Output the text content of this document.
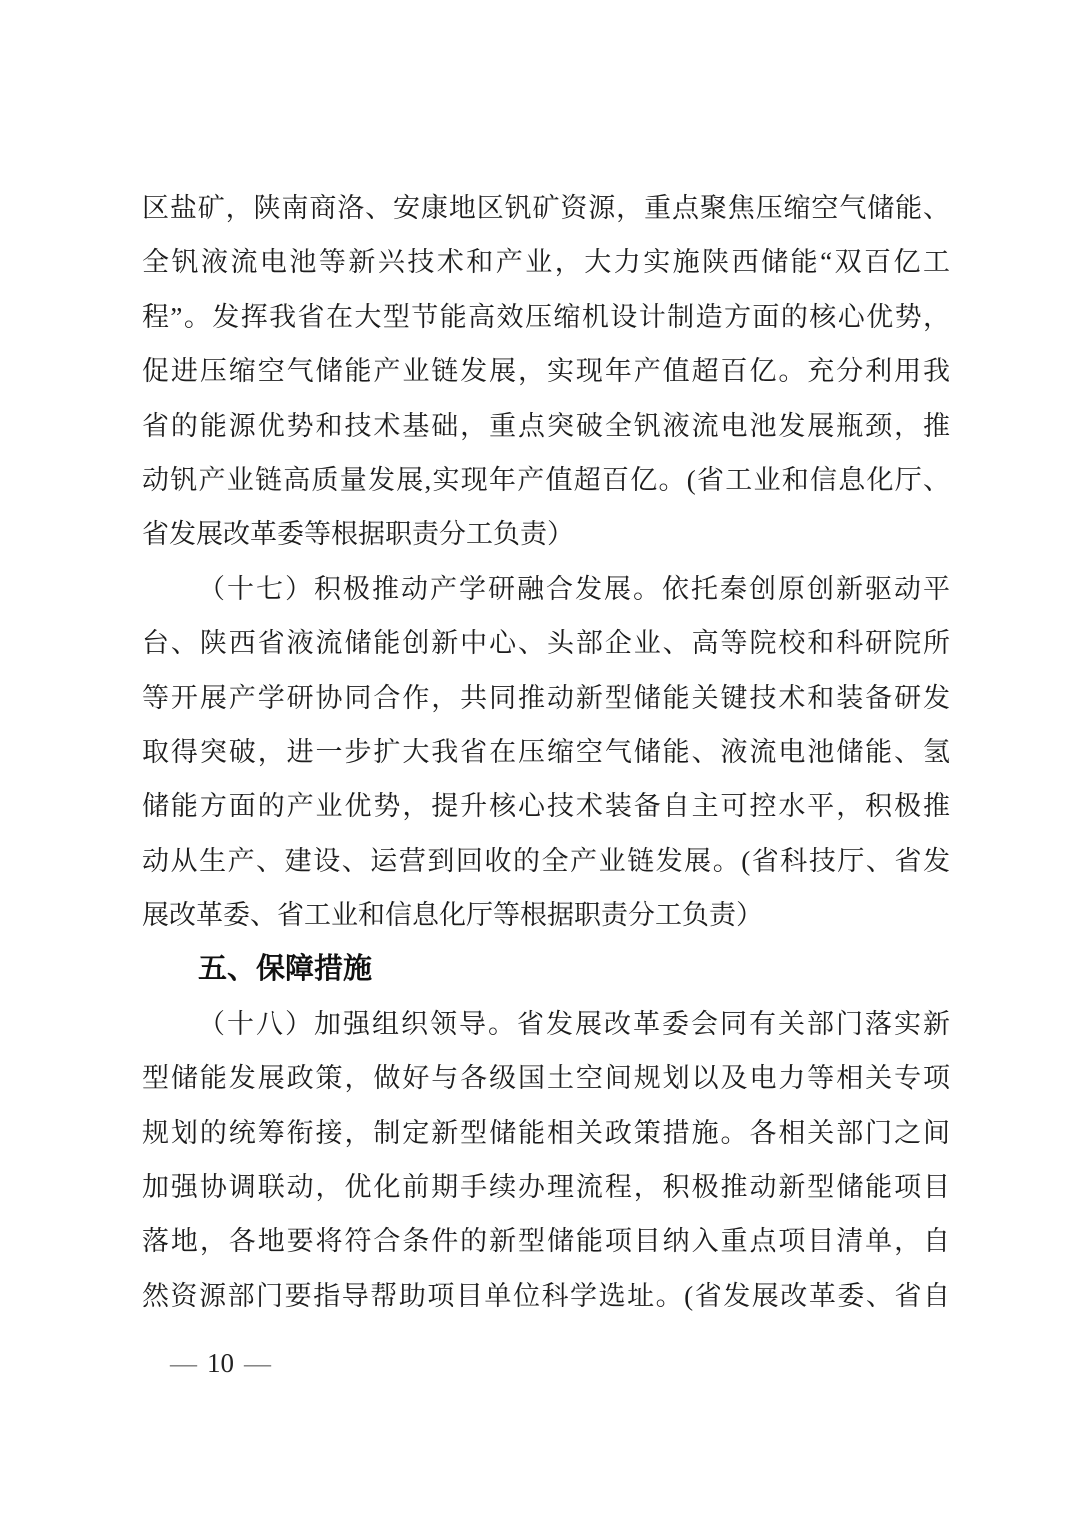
区盐矿，陕南商洛、安康地区钒矿资源，重点聚焦压缩空气储能、
全钒液流电池等新兴技术和产业，大力实施陕西储能“双百亿工
程”。发挥我省在大型节能高效压缩机设计制造方面的核心优势，
促进压缩空气储能产业链发展，实现年产值超百亿。充分利用我
省的能源优势和技术基础，重点突破全钒液流电池发展瓶颈，推
动钒产业链高质量发展,实现年产值超百亿。(省工业和信息化厅、
省发展改革委等根据职责分工负责）
（十七）积极推动产学研融合发展。依托秦创原创新驱动平
台、陕西省液流储能创新中心、头部企业、高等院校和科研院所
等开展产学研协同合作，共同推动新型储能关键技术和装备研发
取得突破，进一步扩大我省在压缩空气储能、液流电池储能、氢
储能方面的产业优势，提升核心技术装备自主可控水平，积极推
动从生产、建设、运营到回收的全产业链发展。(省科技厅、省发
展改革委、省工业和信息化厅等根据职责分工负责）
五、保障措施
（十八）加强组织领导。省发展改革委会同有关部门落实新
型储能发展政策，做好与各级国土空间规划以及电力等相关专项
规划的统筹衔接，制定新型储能相关政策措施。各相关部门之间
加强协调联动，优化前期手续办理流程，积极推动新型储能项目
落地，各地要将符合条件的新型储能项目纳入重点项目清单，自
然资源部门要指导帮助项目单位科学选址。(省发展改革委、省自
— 10 —
